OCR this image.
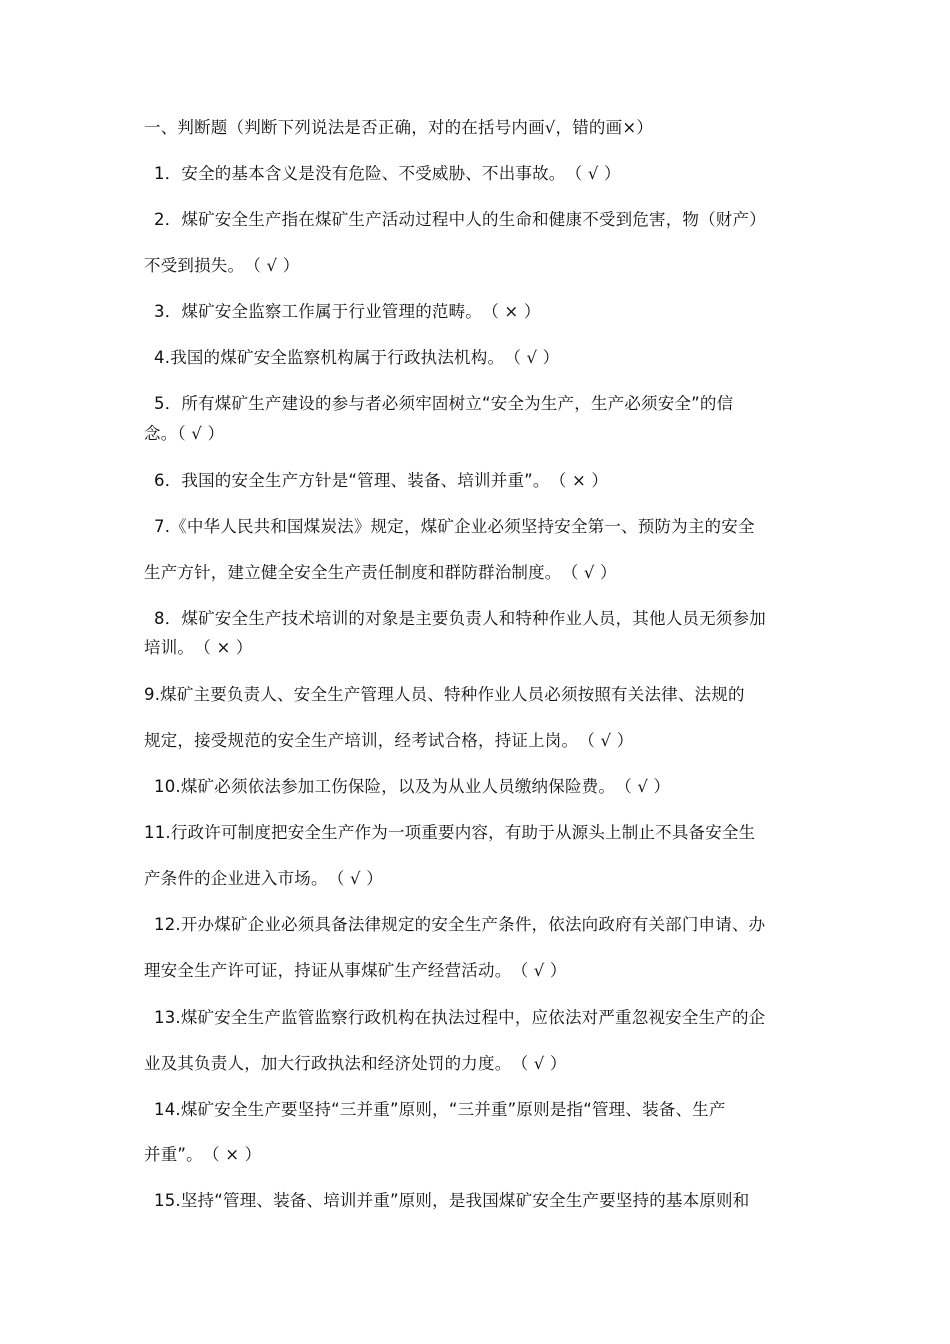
一、判断题（判断下列说法是否正确，对的在括号内画√，错的画×）
1．安全的基本含义是没有危险、不受威胁、不出事故。　（ √ ）
2．煤矿安全生产指在煤矿生产活动过程中人的生命和健康不受到危害，物（财产）
不受到损失。　（ √ ）
3．煤矿安全监察工作属于行业管理的范畴。　（ × ）
4.我国的煤矿安全监察机构属于行政执法机构。　（ √ ）
5．所有煤矿生产建设的参与者必须牢固树立“安全为生产，生产必须安全”的信
念。（ √ ）
6．我国的安全生产方针是“管理、装备、培训并重”。　（ × ）
7.《中华人民共和国煤炭法》规定，煤矿企业必须坚持安全第一、预防为主的安全
生产方针，建立健全安全生产责任制度和群防群治制度。　（ √ ）
8．煤矿安全生产技术培训的对象是主要负责人和特种作业人员，其他人员无须参加
培训。　（ × ）
9.煤矿主要负责人、安全生产管理人员、特种作业人员必须按照有关法律、法规的
规定，接受规范的安全生产培训，经考试合格，持证上岗。　（ √ ）
10.煤矿必须依法参加工伤保险，以及为从业人员缴纳保险费。　（ √ ）
11.行政许可制度把安全生产作为一项重要内容，有助于从源头上制止不具备安全生
产条件的企业进入市场。　（ √ ）
12.开办煤矿企业必须具备法律规定的安全生产条件，依法向政府有关部门申请、办
理安全生产许可证，持证从事煤矿生产经营活动。　（ √ ）
13.煤矿安全生产监管监察行政机构在执法过程中，应依法对严重忽视安全生产的企
业及其负责人，加大行政执法和经济处罚的力度。　（ √ ）
14.煤矿安全生产要坚持“三并重”原则，“三并重”原则是指“管理、装备、生产
并重”。　（ × ）
15.坚持“管理、装备、培训并重”原则，是我国煤矿安全生产要坚持的基本原则和
